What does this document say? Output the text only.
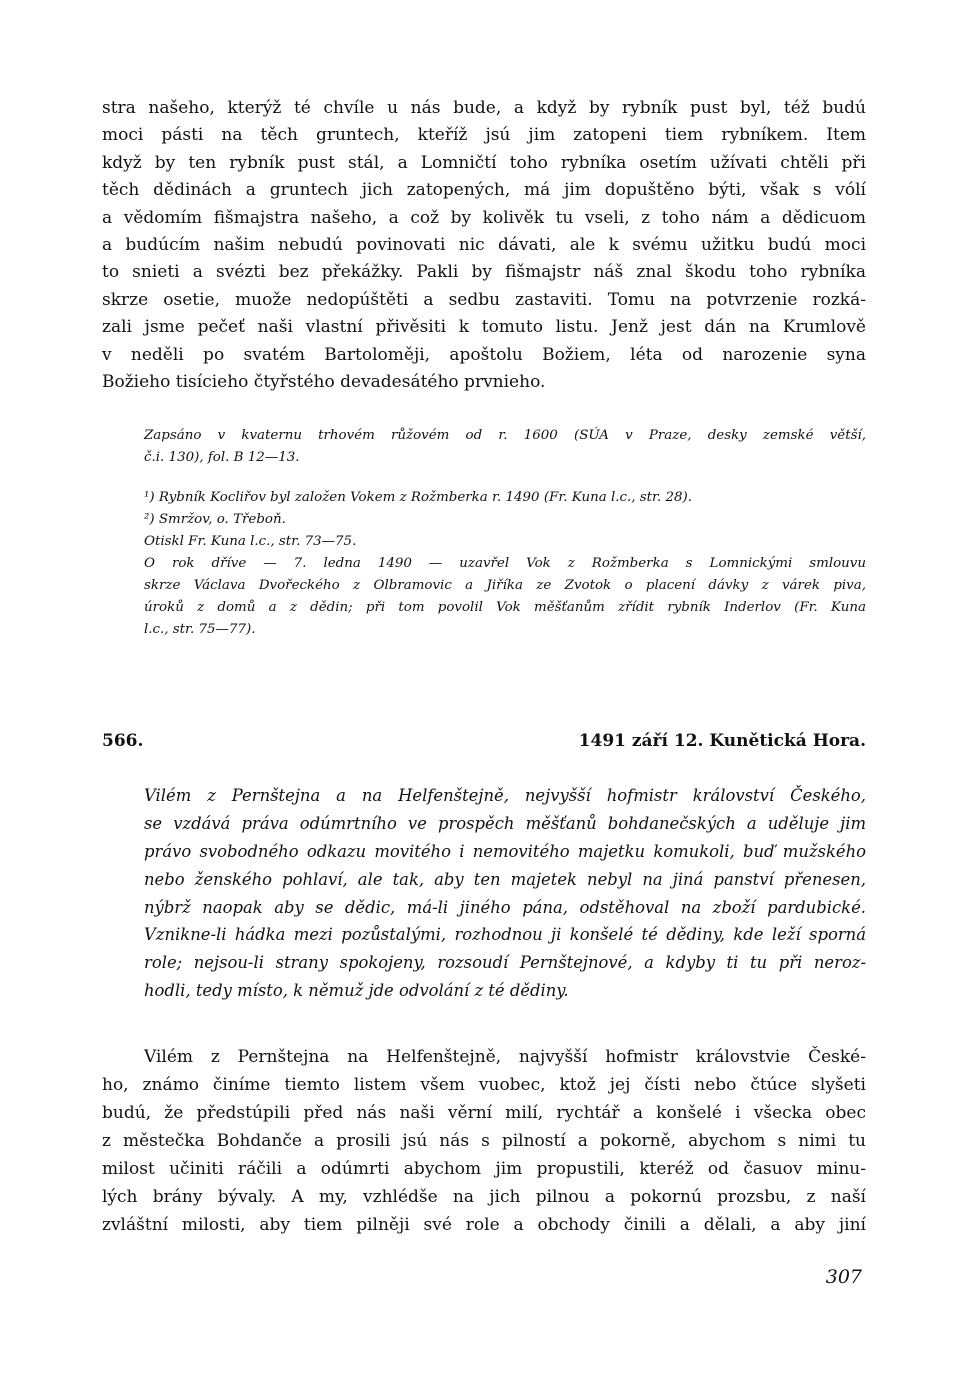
stra našeho, kterýž té chvíle u nás bude, a když by rybník pust byl, též budú
moci pásti na těch gruntech, kteříž jsú jim zatopeni tiem rybníkem. Item
když by ten rybník pust stál, a Lomničtí toho rybníka osetím užívati chtěli při
těch dědinách a gruntech jich zatopených, má jim dopuštěno býti, však s vólí
a vědomím fišmajstra našeho, a což by kolivěk tu vseli, z toho nám a dědicuom
a budúcím našim nebudú povinovati nic dávati, ale k svému užitku budú moci
to snieti a svézti bez překážky. Pakli by fišmajstr náš znal škodu toho rybníka
skrze osetie, muože nedopúštěti a sedbu zastaviti. Tomu na potvrzenie rozká-
zali jsme pečeť naši vlastní přivěsiti k tomuto listu. Jenž jest dán na Krumlově
v neděli po svatém Bartoloměji, apoštolu Božiem, léta od narozenie syna
Božieho tisícieho čtyřstého devadesátého prvnieho.
Zapsáno v kvaternu trhovém růžovém od r. 1600 (SÚA v Praze, desky zemské větší,
č.i. 130), fol. B 12—13.
¹) Rybník Kocliřov byl založen Vokem z Rožmberka r. 1490 (Fr. Kuna l.c., str. 28).
²) Smržov, o. Třeboň.
Otiskl Fr. Kuna l.c., str. 73—75.
O rok dříve — 7. ledna 1490 — uzavřel Vok z Rožmberka s Lomnickými smlouvu
skrze Václava Dvořeckého z Olbramovic a Jiříka ze Zvotok o placení dávky z várek piva,
úroků z domů a z dědin; při tom povolil Vok měšťanům zřídit rybník Inderlov (Fr. Kuna
l.c., str. 75—77).
566.	1491 září 12. Kunětická Hora.
Vilém z Pernštejna a na Helfenštejně, nejvyšší hofmistr království Českého,
se vzdává práva odúmrtního ve prospěch měšťanů bohdanečských a uděluje jim
právo svobodného odkazu movitého i nemovitého majetku komukoli, buď mužského
nebo ženského pohlaví, ale tak, aby ten majetek nebyl na jiná panství přenesen,
nýbrž naopak aby se dědic, má-li jiného pána, odstěhoval na zboží pardubické.
Vznikne-li hádka mezi pozůstalými, rozhodnou ji konšelé té dědiny, kde leží sporná
role; nejsou-li strany spokojeny, rozsoudí Pernštejnové, a kdyby ti tu při neroz-
hodli, tedy místo, k němuž jde odvolání z té dědiny.
Vilém z Pernštejna na Helfenštejně, najvyšší hofmistr královstvie České-
ho, známo činíme tiemto listem všem vuobec, ktož jej čísti nebo čtúce slyšeti
budú, že předstúpili před nás naši věrní milí, rychtář a konšelé i všecka obec
z městečka Bohdanče a prosili jsú nás s pilností a pokorně, abychom s nimi tu
milost učiniti ráčili a odúmrti abychom jim propustili, kteréž od časuov minu-
lých brány bývaly. A my, vzhlédše na jich pilnou a pokornú prozsbu, z naší
zvláštní milosti, aby tiem pilněji své role a obchody činili a dělali, a aby jiní
307
